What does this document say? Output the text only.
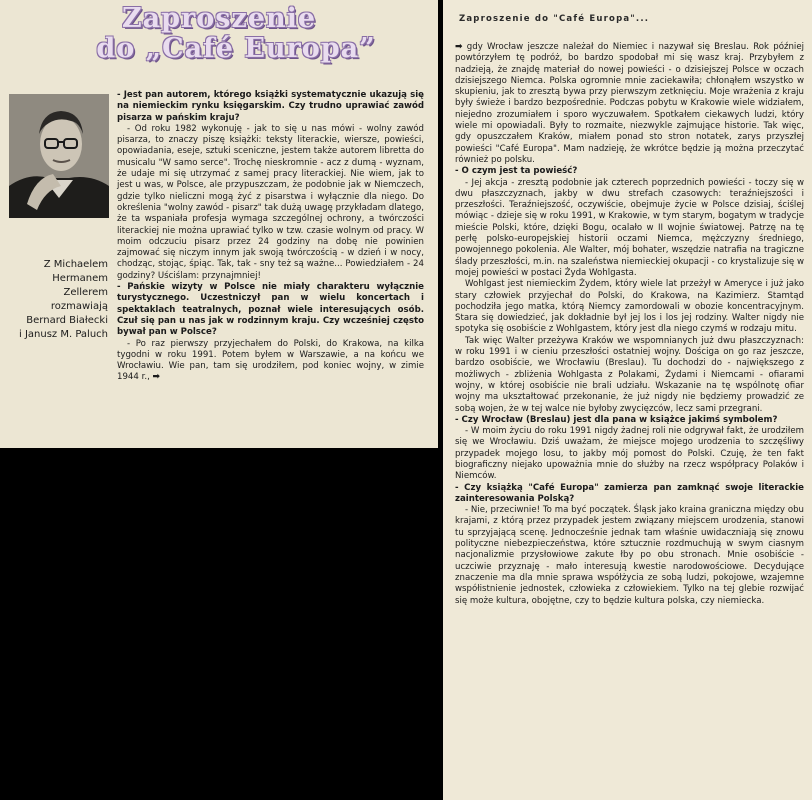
Zaproszenie

do „Café Europa”
Z Michaelem
Hermanem
Zellerem
rozmawiają
Bernard Białecki
i Janusz M. Paluch

- Jest pan autorem, którego książki systematycznie ukazują się na niemieckim rynku księgarskim. Czy trudno uprawiać zawód pisarza w pańskim kraju?

- Od roku 1982 wykonuję - jak to się u nas mówi - wolny zawód pisarza, to znaczy piszę książki: teksty literackie, wiersze, powieści, opowiadania, eseje, sztuki sceniczne, jestem także autorem libretta do musicalu "W samo serce". Trochę nieskromnie - acz z dumą - wyznam, że udaje mi się utrzymać z samej pracy literackiej. Nie wiem, jak to jest u was, w Polsce, ale przypuszczam, że podobnie jak w Niemczech, gdzie tylko nieliczni mogą żyć z pisarstwa i wyłącznie dla niego. Do określenia "wolny zawód - pisarz" tak dużą uwagę przykładam dlatego, że ta wspaniała profesja wymaga szczególnej ochrony, a twórczości literackiej nie można uprawiać tylko w tzw. czasie wolnym od pracy. W moim odczuciu pisarz przez 24 godziny na dobę nie powinien zajmować się niczym innym jak swoją twórczością - w dzień i w nocy, chodząc, stojąc, śpiąc. Tak, tak - sny też są ważne... Powiedziałem - 24 godziny? Uściślam: przynajmniej!

- Pańskie wizyty w Polsce nie miały charakteru wyłącznie turystycznego. Uczestniczył pan w wielu koncertach i spektaklach teatralnych, poznał wiele interesujących osób. Czuł się pan u nas jak w rodzinnym kraju. Czy wcześniej często bywał pan w Polsce?

- Po raz pierwszy przyjechałem do Polski, do Krakowa, na kilka tygodni w roku 1991. Potem byłem w Warszawie, a na końcu we Wrocławiu. Wie pan, tam się urodziłem, pod koniec wojny, w zimie 1944 r., ➡

Zaproszenie do "Café Europa"...

➡ gdy Wrocław jeszcze należał do Niemiec i nazywał się Breslau. Rok później powtórzyłem tę podróż, bo bardzo spodobał mi się wasz kraj. Przybyłem z nadzieją, że znajdę materiał do nowej powieści - o dzisiejszej Polsce w oczach dzisiejszego Niemca. Polska ogromnie mnie zaciekawiła; chłonąłem wszystko w skupieniu, jak to zresztą bywa przy pierwszym zetknięciu. Moje wrażenia z kraju były świeże i bardzo bezpośrednie. Podczas pobytu w Krakowie wiele widziałem, niejedno zrozumiałem i sporo wyczuwałem. Spotkałem ciekawych ludzi, który wiele mi opowiadali. Były to rozmaite, niezwykle zajmujące historie. Tak więc, gdy opuszczałem Kraków, miałem ponad sto stron notatek, zarys przyszłej powieści "Café Europa". Mam nadzieję, że wkrótce będzie ją można przeczytać również po polsku.

- O czym jest ta powieść?

- Jej akcja - zresztą podobnie jak czterech poprzednich powieści - toczy się w dwu płaszczyznach, jakby w dwu strefach czasowych: teraźniejszości i przeszłości. Teraźniejszość, oczywiście, obejmuje życie w Polsce dzisiaj, ściślej mówiąc - dzieje się w roku 1991, w Krakowie, w tym starym, bogatym w tradycje mieście Polski, które, dzięki Bogu, ocalało w II wojnie światowej. Patrzę na tę perłę polsko-europejskiej historii oczami Niemca, mężczyzny średniego, powojennego pokolenia. Ale Walter, mój bohater, wszędzie natrafia na tragiczne ślady przeszłości, m.in. na szaleństwa niemieckiej okupacji - co krystalizuje się w mojej powieści w postaci Żyda Wohlgasta.

Wohlgast jest niemieckim Żydem, który wiele lat przeżył w Ameryce i już jako stary człowiek przyjechał do Polski, do Krakowa, na Kazimierz. Stamtąd pochodziła jego matka, którą Niemcy zamordowali w obozie koncentracyjnym. Stara się dowiedzieć, jak dokładnie był jej los i los jej rodziny. Walter nigdy nie spotyka się osobiście z Wohlgastem, który jest dla niego czymś w rodzaju mitu.

Tak więc Walter przeżywa Kraków we wspomnianych już dwu płaszczyznach: w roku 1991 i w cieniu przeszłości ostatniej wojny. Dościga on go raz jeszcze, bardzo osobiście, we Wrocławiu (Breslau). Tu dochodzi do - największego z możliwych - zbliżenia Wohlgasta z Polakami, Żydami i Niemcami - ofiarami wojny, w której osobiście nie brali udziału. Wskazanie na tę wspólnotę ofiar wojny ma ukształtować przekonanie, że już nigdy nie będziemy prowadzić ze sobą wojen, że w tej walce nie byłoby zwycięzców, lecz sami przegrani.

- Czy Wrocław (Breslau) jest dla pana w książce jakimś symbolem?

- W moim życiu do roku 1991 nigdy żadnej roli nie odgrywał fakt, że urodziłem się we Wrocławiu. Dziś uważam, że miejsce mojego urodzenia to szczęśliwy przypadek mojego losu, to jakby mój pomost do Polski. Czuję, że ten fakt biograficzny niejako upoważnia mnie do służby na rzecz współpracy Polaków i Niemców.

- Czy książką "Café Europa" zamierza pan zamknąć swoje literackie zainteresowania Polską?

- Nie, przeciwnie! To ma być początek. Śląsk jako kraina graniczna między obu krajami, z którą przez przypadek jestem związany miejscem urodzenia, stanowi tu sprzyjającą scenę. Jednocześnie jednak tam właśnie uwidaczniają się znowu polityczne niebezpieczeństwa, które sztucznie rozdmuchują w swym ciasnym nacjonalizmie przysłowiowe zakute łby po obu stronach. Mnie osobiście - uczciwie przyznaję - mało interesują kwestie narodowościowe. Decydujące znaczenie ma dla mnie sprawa współżycia ze sobą ludzi, pokojowe, wzajemne współistnienie jednostek, człowieka z człowiekiem. Tylko na tej glebie rozwijać się może kultura, obojętne, czy to będzie kultura polska, czy niemiecka.
